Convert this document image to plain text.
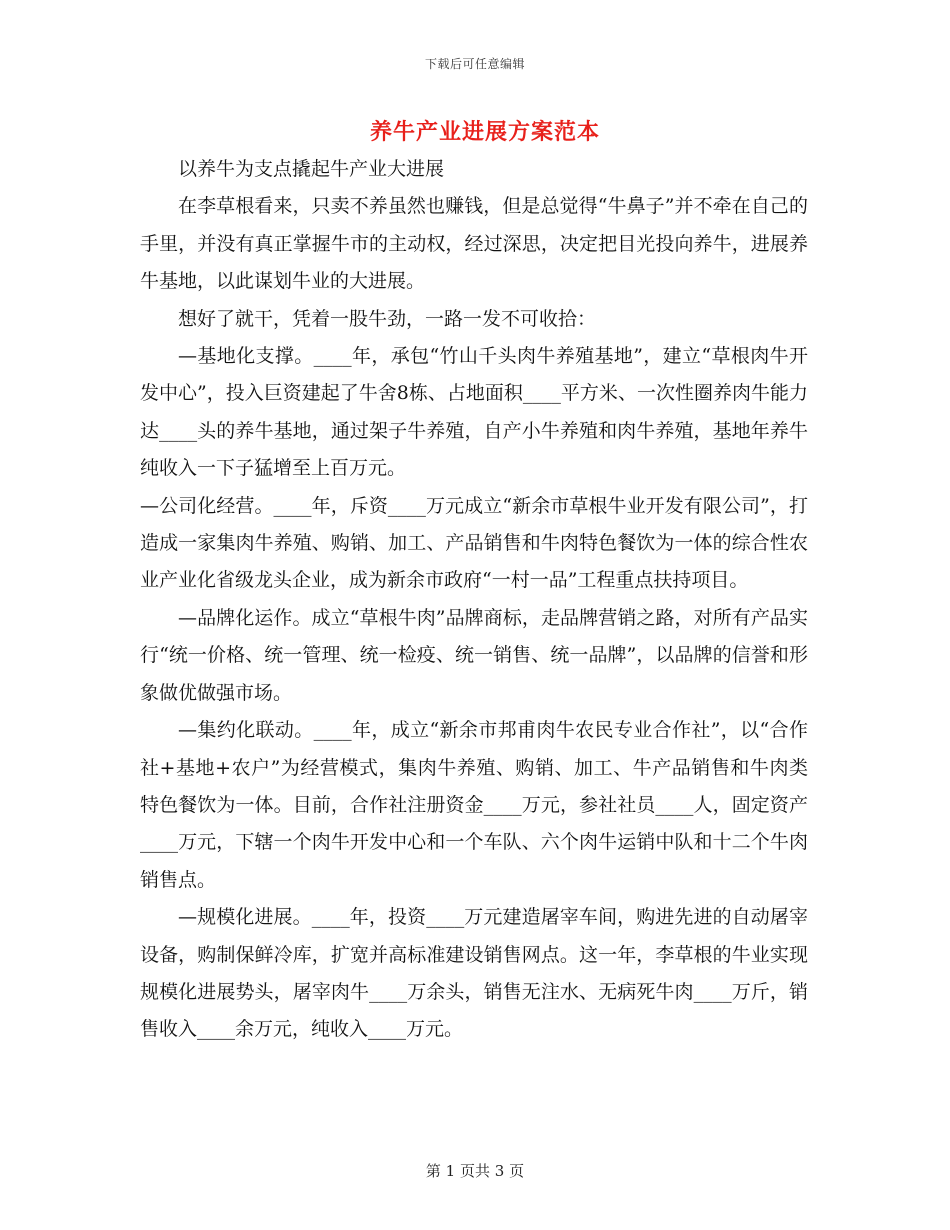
下载后可任意编辑
养牛产业进展方案范本

以养牛为支点撬起牛产业大进展

在李草根看来，只卖不养虽然也赚钱，但是总觉得“牛鼻子”并不牵在自己的手里，并没有真正掌握牛市的主动权，经过深思，决定把目光投向养牛，进展养牛基地，以此谋划牛业的大进展。

想好了就干，凭着一股牛劲，一路一发不可收拾：

—基地化支撑。____年，承包“竹山千头肉牛养殖基地”，建立“草根肉牛开发中心”，投入巨资建起了牛舍8栋、占地面积____平方米、一次性圈养肉牛能力达____头的养牛基地，通过架子牛养殖，自产小牛养殖和肉牛养殖，基地年养牛纯收入一下子猛增至上百万元。

—公司化经营。____年，斥资____万元成立“新余市草根牛业开发有限公司”，打造成一家集肉牛养殖、购销、加工、产品销售和牛肉特色餐饮为一体的综合性农业产业化省级龙头企业，成为新余市政府“一村一品”工程重点扶持项目。

—品牌化运作。成立“草根牛肉”品牌商标，走品牌营销之路，对所有产品实行“统一价格、统一管理、统一检疫、统一销售、统一品牌”，以品牌的信誉和形象做优做强市场。

—集约化联动。____年，成立“新余市邦甫肉牛农民专业合作社”，以“合作社+基地+农户”为经营模式，集肉牛养殖、购销、加工、牛产品销售和牛肉类特色餐饮为一体。目前，合作社注册资金____万元，参社社员____人，固定资产____万元，下辖一个肉牛开发中心和一个车队、六个肉牛运销中队和十二个牛肉销售点。

—规模化进展。____年，投资____万元建造屠宰车间，购进先进的自动屠宰设备，购制保鲜冷库，扩宽并高标准建设销售网点。这一年，李草根的牛业实现规模化进展势头，屠宰肉牛____万余头，销售无注水、无病死牛肉____万斤，销售收入____余万元，纯收入____万元。

第 1 页共 3 页
